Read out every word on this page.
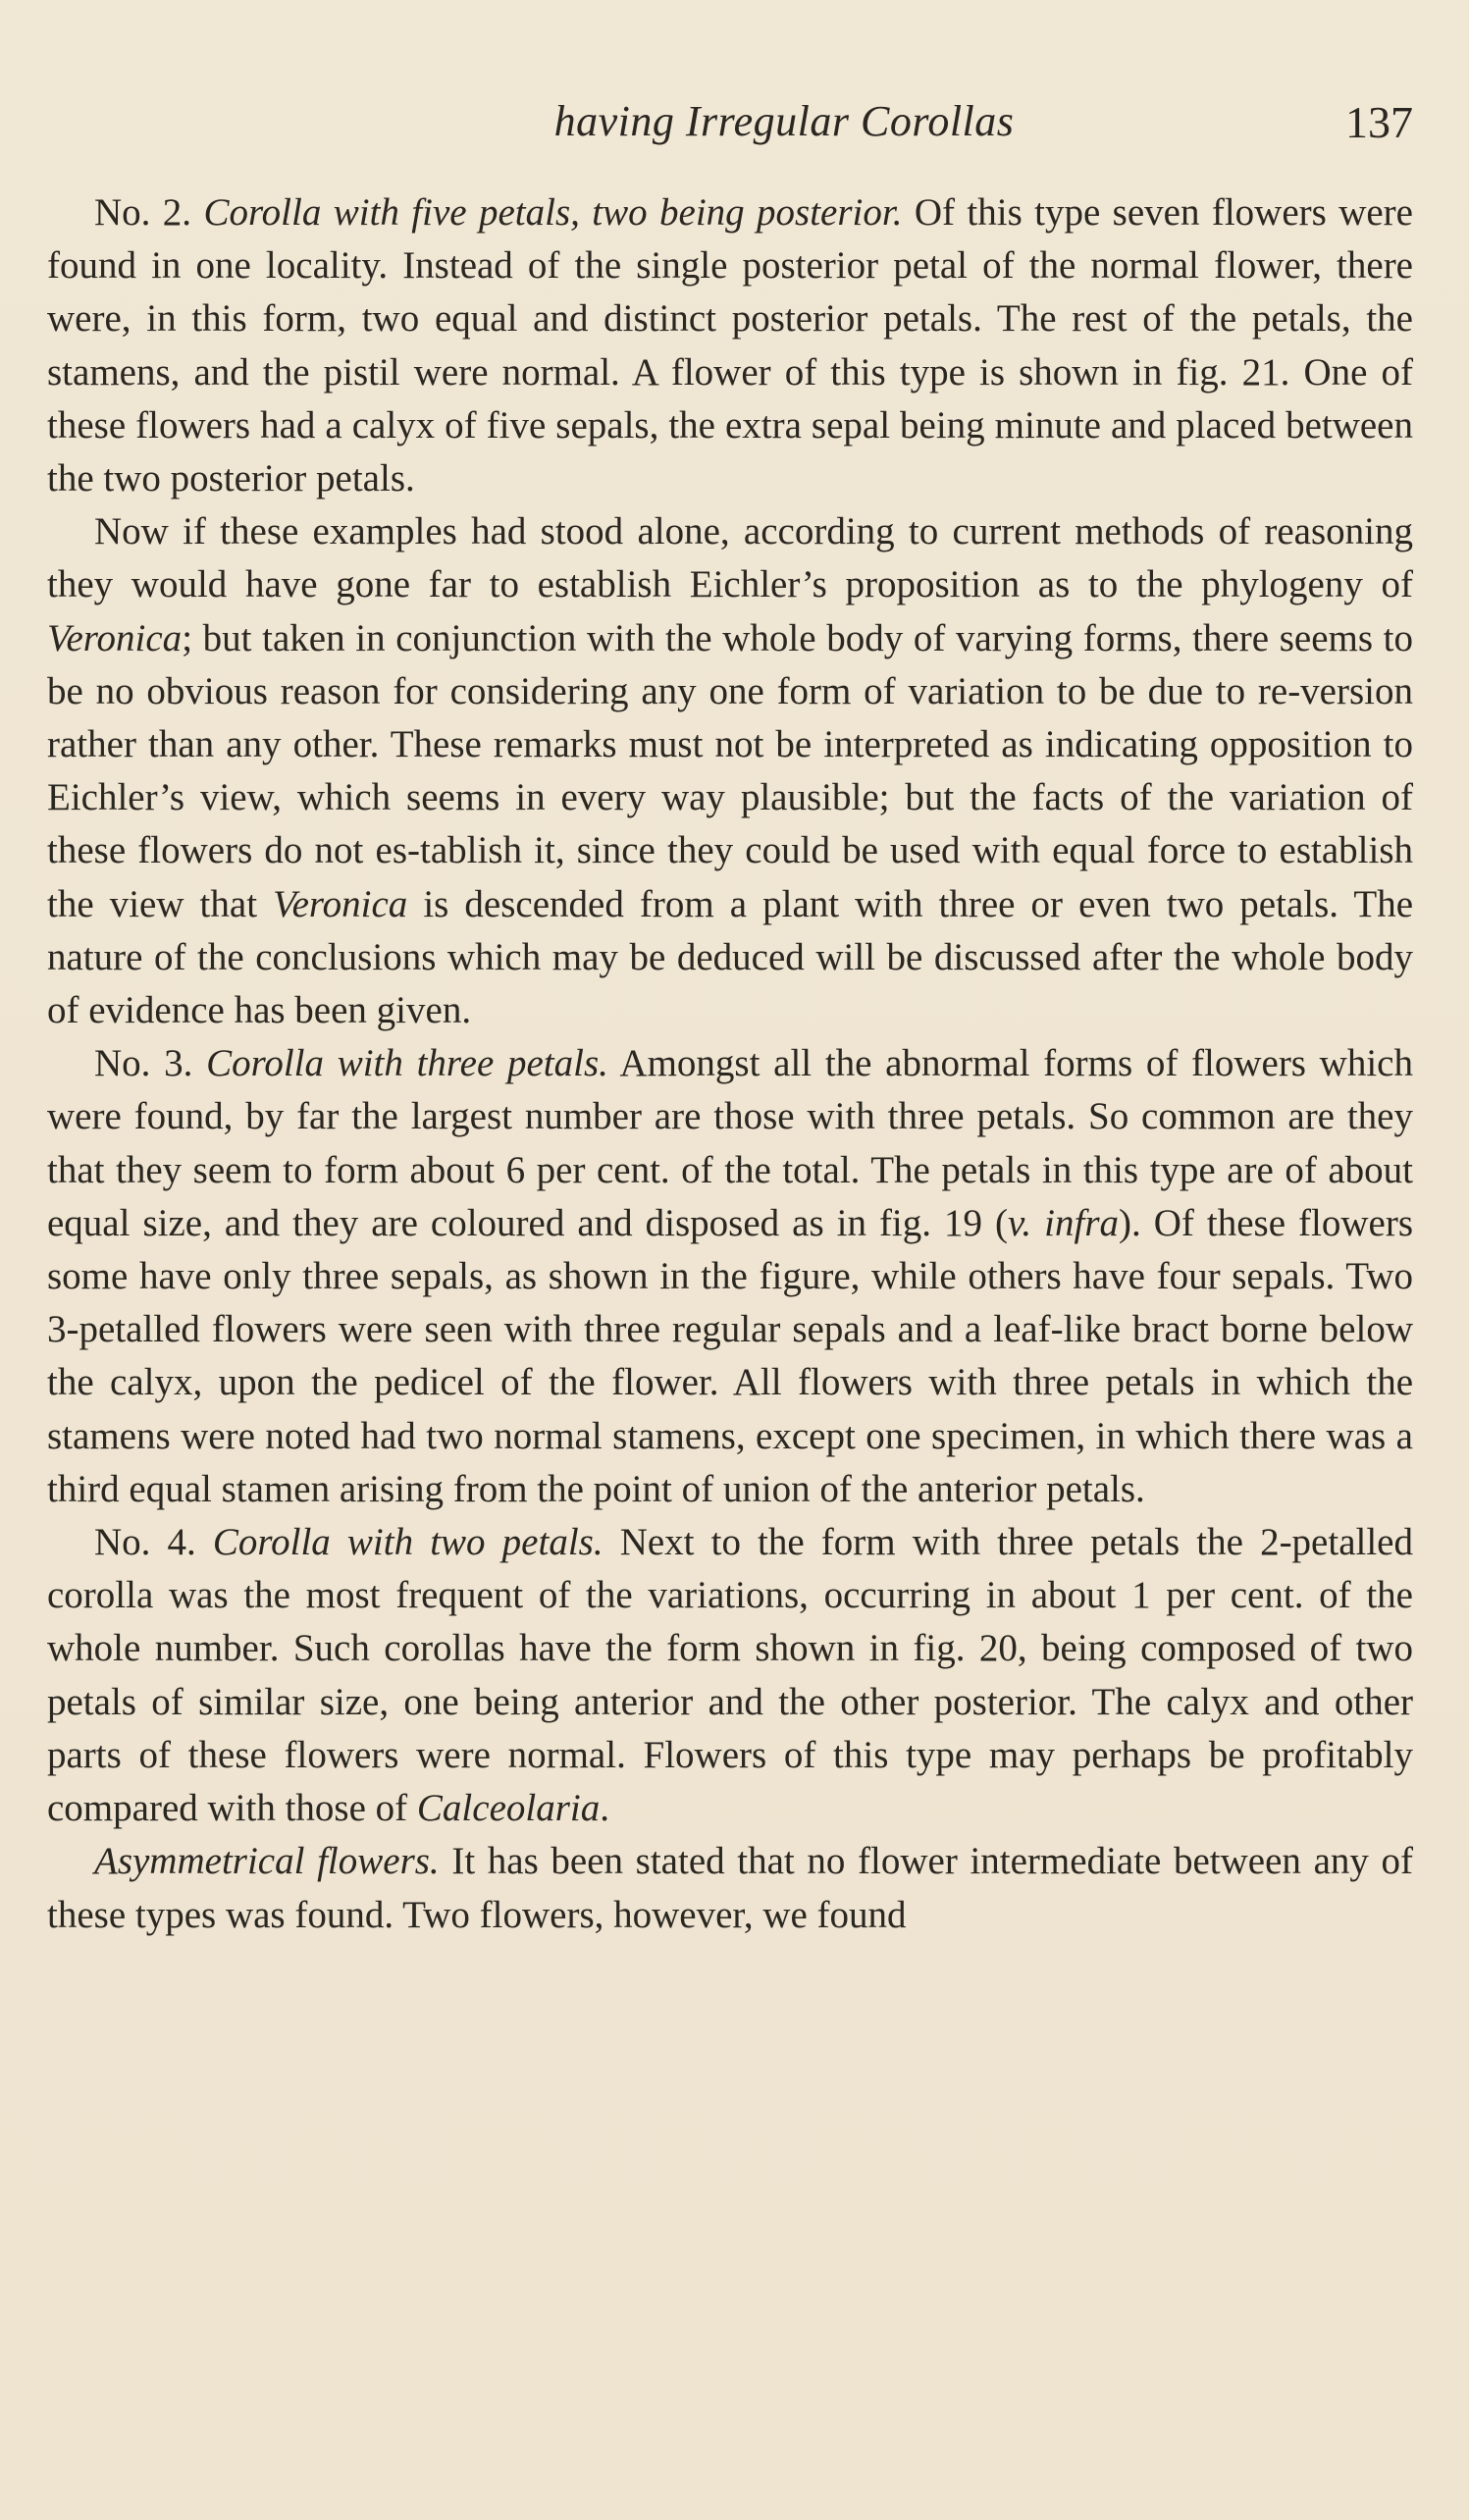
having Irregular Corollas	137

No. 2. Corolla with five petals, two being posterior. Of this type seven flowers were found in one locality. Instead of the single posterior petal of the normal flower, there were, in this form, two equal and distinct posterior petals. The rest of the petals, the stamens, and the pistil were normal. A flower of this type is shown in fig. 21. One of these flowers had a calyx of five sepals, the extra sepal being minute and placed between the two posterior petals.

Now if these examples had stood alone, according to current methods of reasoning they would have gone far to establish Eichler’s proposition as to the phylogeny of Veronica; but taken in conjunction with the whole body of varying forms, there seems to be no obvious reason for considering any one form of variation to be due to re-version rather than any other. These remarks must not be interpreted as indicating opposition to Eichler’s view, which seems in every way plausible; but the facts of the variation of these flowers do not es-tablish it, since they could be used with equal force to establish the view that Veronica is descended from a plant with three or even two petals. The nature of the conclusions which may be deduced will be discussed after the whole body of evidence has been given.

No. 3. Corolla with three petals. Amongst all the abnormal forms of flowers which were found, by far the largest number are those with three petals. So common are they that they seem to form about 6 per cent. of the total. The petals in this type are of about equal size, and they are coloured and disposed as in fig. 19 (v. infra). Of these flowers some have only three sepals, as shown in the figure, while others have four sepals. Two 3-petalled flowers were seen with three regular sepals and a leaf-like bract borne below the calyx, upon the pedicel of the flower. All flowers with three petals in which the stamens were noted had two normal stamens, except one specimen, in which there was a third equal stamen arising from the point of union of the anterior petals.

No. 4. Corolla with two petals. Next to the form with three petals the 2-petalled corolla was the most frequent of the variations, occurring in about 1 per cent. of the whole number. Such corollas have the form shown in fig. 20, being composed of two petals of similar size, one being anterior and the other posterior. The calyx and other parts of these flowers were normal. Flowers of this type may perhaps be profitably compared with those of Calceolaria.

Asymmetrical flowers. It has been stated that no flower intermediate between any of these types was found. Two flowers, however, we found
